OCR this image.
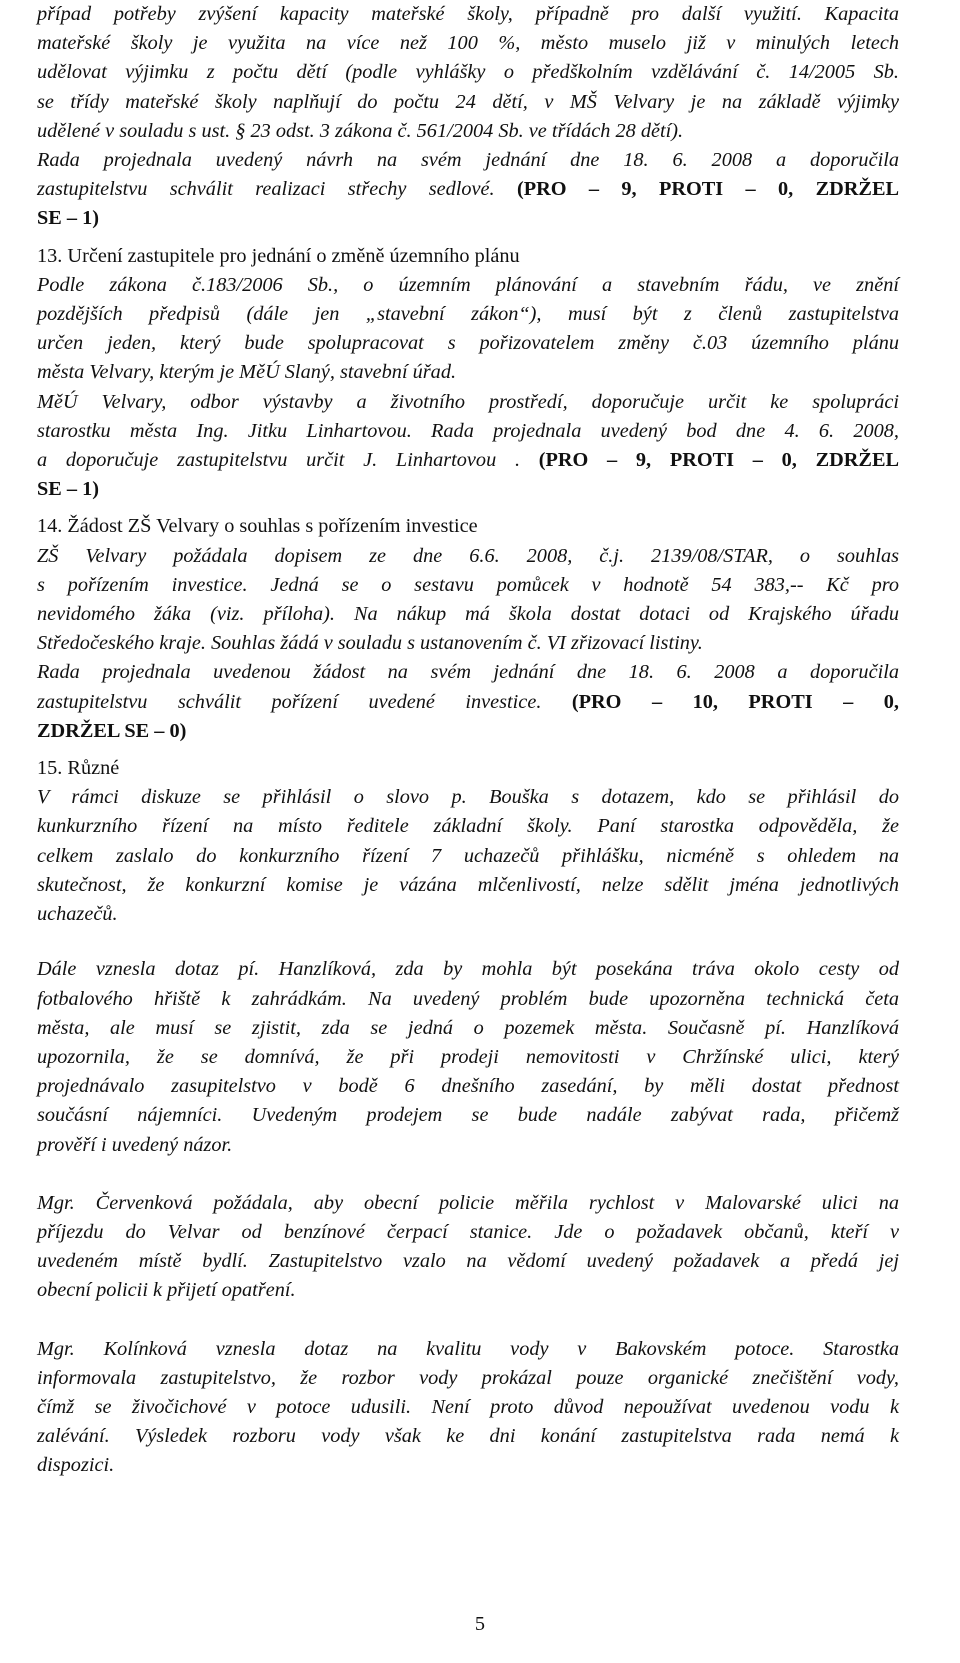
případ potřeby zvýšení kapacity mateřské školy, případně pro další využití. Kapacita

mateřské školy je využita na více než 100 %, město muselo již v minulých letech

udělovat výjimku z počtu dětí (podle vyhlášky o předškolním vzdělávání č. 14/2005 Sb.

se třídy mateřské školy naplňují do počtu 24 dětí, v MŠ Velvary je na základě výjimky

udělené v souladu s ust. § 23 odst. 3 zákona č. 561/2004 Sb. ve třídách 28 dětí).

Rada projednala uvedený návrh na svém jednání dne 18. 6. 2008 a doporučila

zastupitelstvu schválit realizaci střechy sedlové. (PRO – 9, PROTI – 0, ZDRŽEL

SE – 1)

13. Určení zastupitele pro jednání o změně územního plánu

Podle zákona č.183/2006 Sb., o územním plánování a stavebním řádu, ve znění

pozdějších předpisů (dále jen „stavební zákon“), musí být z členů zastupitelstva

určen jeden, který bude spolupracovat s pořizovatelem změny č.03 územního plánu

města Velvary, kterým je MěÚ Slaný, stavební úřad.

MěÚ Velvary, odbor výstavby a životního prostředí, doporučuje určit ke spolupráci

starostku města Ing. Jitku Linhartovou. Rada projednala uvedený bod dne 4. 6. 2008,

a doporučuje zastupitelstvu určit J. Linhartovou . (PRO – 9, PROTI – 0, ZDRŽEL

SE – 1)

14. Žádost ZŠ Velvary o souhlas s pořízením investice

ZŠ Velvary požádala dopisem ze dne 6.6. 2008, č.j. 2139/08/STAR, o souhlas

s pořízením investice. Jedná se o sestavu pomůcek v hodnotě 54 383,-- Kč pro

nevidomého žáka (viz. příloha). Na nákup má škola dostat dotaci od Krajského úřadu

Středočeského kraje. Souhlas žádá v souladu s ustanovením č. VI zřizovací listiny.

Rada projednala uvedenou žádost na svém jednání dne 18. 6. 2008 a doporučila

zastupitelstvu schválit pořízení uvedené investice. (PRO – 10, PROTI – 0,

ZDRŽEL SE – 0)

15. Různé

V rámci diskuze se přihlásil o slovo p. Bouška s dotazem, kdo se přihlásil do

kunkurzního řízení na místo ředitele základní školy. Paní starostka odpověděla, že

celkem zaslalo do konkurzního řízení 7 uchazečů přihlášku, nicméně s ohledem na

skutečnost, že konkurzní komise je vázána mlčenlivostí, nelze sdělit jména jednotlivých

uchazečů.

Dále vznesla dotaz pí. Hanzlíková, zda by mohla být posekána tráva okolo cesty od

fotbalového hřiště k zahrádkám. Na uvedený problém bude upozorněna technická četa

města, ale musí se zjistit, zda se jedná o pozemek města. Současně pí. Hanzlíková

upozornila, že se domnívá, že při prodeji nemovitosti v Chržínské ulici, který

projednávalo zasupitelstvo v bodě 6 dnešního zasedání, by měli dostat přednost

součásní nájemníci. Uvedeným prodejem se bude nadále zabývat rada, přičemž

prověří i uvedený názor.

Mgr. Červenková požádala, aby obecní policie měřila rychlost v Malovarské ulici na

příjezdu do Velvar od benzínové čerpací stanice. Jde o požadavek občanů, kteří v

uvedeném místě bydlí. Zastupitelstvo vzalo na vědomí uvedený požadavek a předá jej

obecní policii k přijetí opatření.

Mgr. Kolínková vznesla dotaz na kvalitu vody v Bakovském potoce. Starostka

informovala zastupitelstvo, že rozbor vody prokázal pouze organické znečištění vody,

čímž se živočichové v potoce udusili. Není proto důvod nepoužívat uvedenou vodu k

zalévání. Výsledek rozboru vody však ke dni konání zastupitelstva rada nemá k

dispozici.

5
